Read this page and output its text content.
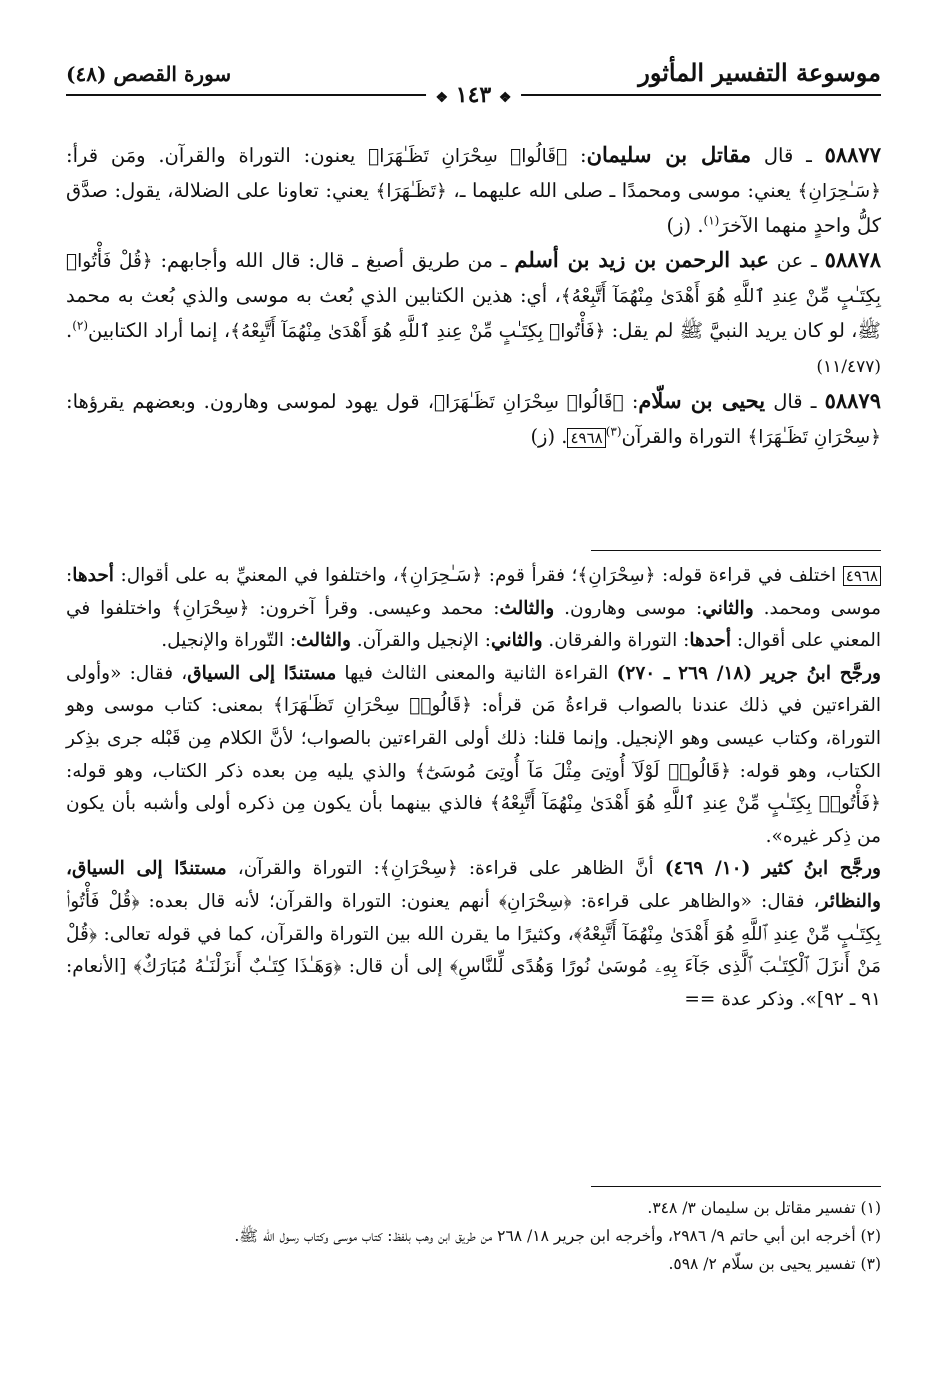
موسوعة التفسير المأثور
سورة القصص (٤٨)
❖ ١٤٣ ❖

٥٨٨٧٧ ـ قال مقاتل بن سليمان: ﴿قَالُوا۟ سِحْرَانِ تَظَـٰهَرَا﴾ يعنون: التوراة والقرآن. ومَن قرأ: ﴿سَـٰحِرَانِ﴾ يعني: موسى ومحمدًا ـ صلى الله عليهما ـ، ﴿تَظَـٰهَرَا﴾ يعني: تعاونا على الضلالة، يقول: صدَّق كلُّ واحدٍ منهما الآخرَ$^{(١)}$. (ز)

٥٨٨٧٨ ـ عن عبد الرحمن بن زيد بن أسلم ـ من طريق أصبغ ـ قال: قال الله وأجابهم: ﴿قُلْ فَأْتُوا۟ بِكِتَـٰبٍ مِّنْ عِندِ ٱللَّهِ هُوَ أَهْدَىٰ مِنْهُمَآ أَتَّبِعْهُ﴾، أي: هذين الكتابين الذي بُعث به موسى والذي بُعث به محمد ﷺ، لو كان يريد النبيَّ ﷺ لم يقل: ﴿فَأْتُوا۟ بِكِتَـٰبٍ مِّنْ عِندِ ٱللَّهِ هُوَ أَهْدَىٰ مِنْهُمَآ أَتَّبِعْهُ﴾، إنما أراد الكتابين$^{(٢)}$. (١١/٤٧٧)

٥٨٨٧٩ ـ قال يحيى بن سلّام: ﴿قَالُوا۟ سِحْرَانِ تَظَـٰهَرَا﴾، قول يهود لموسى وهارون. وبعضهم يقرؤها: ﴿سِحْرَانِ تَظَـٰهَرَا﴾ التوراة والقرآن$^{(٣)}$٤٩٦٨. (ز)

٤٩٦٨ اختلف في قراءة قوله: ﴿سِحْرَانِ﴾؛ فقرأ قوم: ﴿سَـٰحِرَانِ﴾، واختلفوا في المعنيِّ به على أقوال: أحدها: موسى ومحمد. والثاني: موسى وهارون. والثالث: محمد وعيسى. وقرأ آخرون: ﴿سِحْرَانِ﴾ واختلفوا في المعني على أقوال: أحدها: التوراة والفرقان. والثاني: الإنجيل والقرآن. والثالث: التّوراة والإنجيل.

ورجَّح ابنُ جرير (١٨/ ٢٦٩ ـ ٢٧٠) القراءة الثانية والمعنى الثالث فيها مستندًا إلى السياق، فقال: «وأولى القراءتين في ذلك عندنا بالصواب قراءةُ مَن قرأه: ﴿قَالُوا۟ سِحْرَانِ تَظَـٰهَرَا﴾ بمعنى: كتاب موسى وهو التوراة، وكتاب عيسى وهو الإنجيل. وإنما قلنا: ذلك أولى القراءتين بالصواب؛ لأنَّ الكلام مِن قَبْله جرى بذِكر الكتاب، وهو قوله: ﴿قَالُوا۟ لَوْلَآ أُوتِىَ مِثْلَ مَآ أُوتِىَ مُوسَىٰٓ﴾ والذي يليه مِن بعده ذكر الكتاب، وهو قوله: ﴿فَأْتُوا۟ بِكِتَـٰبٍ مِّنْ عِندِ ٱللَّهِ هُوَ أَهْدَىٰ مِنْهُمَآ أَتَّبِعْهُ﴾ فالذي بينهما بأن يكون مِن ذكره أولى وأشبه بأن يكون من ذِكر غيره».

ورجَّح ابنُ كثير (١٠/ ٤٦٩) أنَّ الظاهر على قراءة: ﴿سِحْرَانِ﴾: التوراة والقرآن، مستندًا إلى السياق، والنظائر، فقال: «والظاهر على قراءة: ﴿سِحْرَانِ﴾ أنهم يعنون: التوراة والقرآن؛ لأنه قال بعده: ﴿قُلْ فَأْتُوا۟ بِكِتَـٰبٍ مِّنْ عِندِ ٱللَّهِ هُوَ أَهْدَىٰ مِنْهُمَآ أَتَّبِعْهُ﴾، وكثيرًا ما يقرن الله بين التوراة والقرآن، كما في قوله تعالى: ﴿قُلْ مَنْ أَنزَلَ ٱلْكِتَـٰبَ ٱلَّذِى جَآءَ بِهِۦ مُوسَىٰ نُورًا وَهُدًى لِّلنَّاسِ﴾ إلى أن قال: ﴿وَهَـٰذَا كِتَـٰبٌ أَنزَلْنَـٰهُ مُبَارَكٌ﴾ [الأنعام: ٩١ ـ ٩٢]». وذكر عدة ==

(١) تفسير مقاتل بن سليمان ٣/ ٣٤٨.

(٢) أخرجه ابن أبي حاتم ٩/ ٢٩٨٦، وأخرجه ابن جرير ١٨/ ٢٦٨ من طريق ابن وهب بلفظ: كتاب موسى وكتاب رسول الله ﷺ.

(٣) تفسير يحيى بن سلّام ٢/ ٥٩٨.
